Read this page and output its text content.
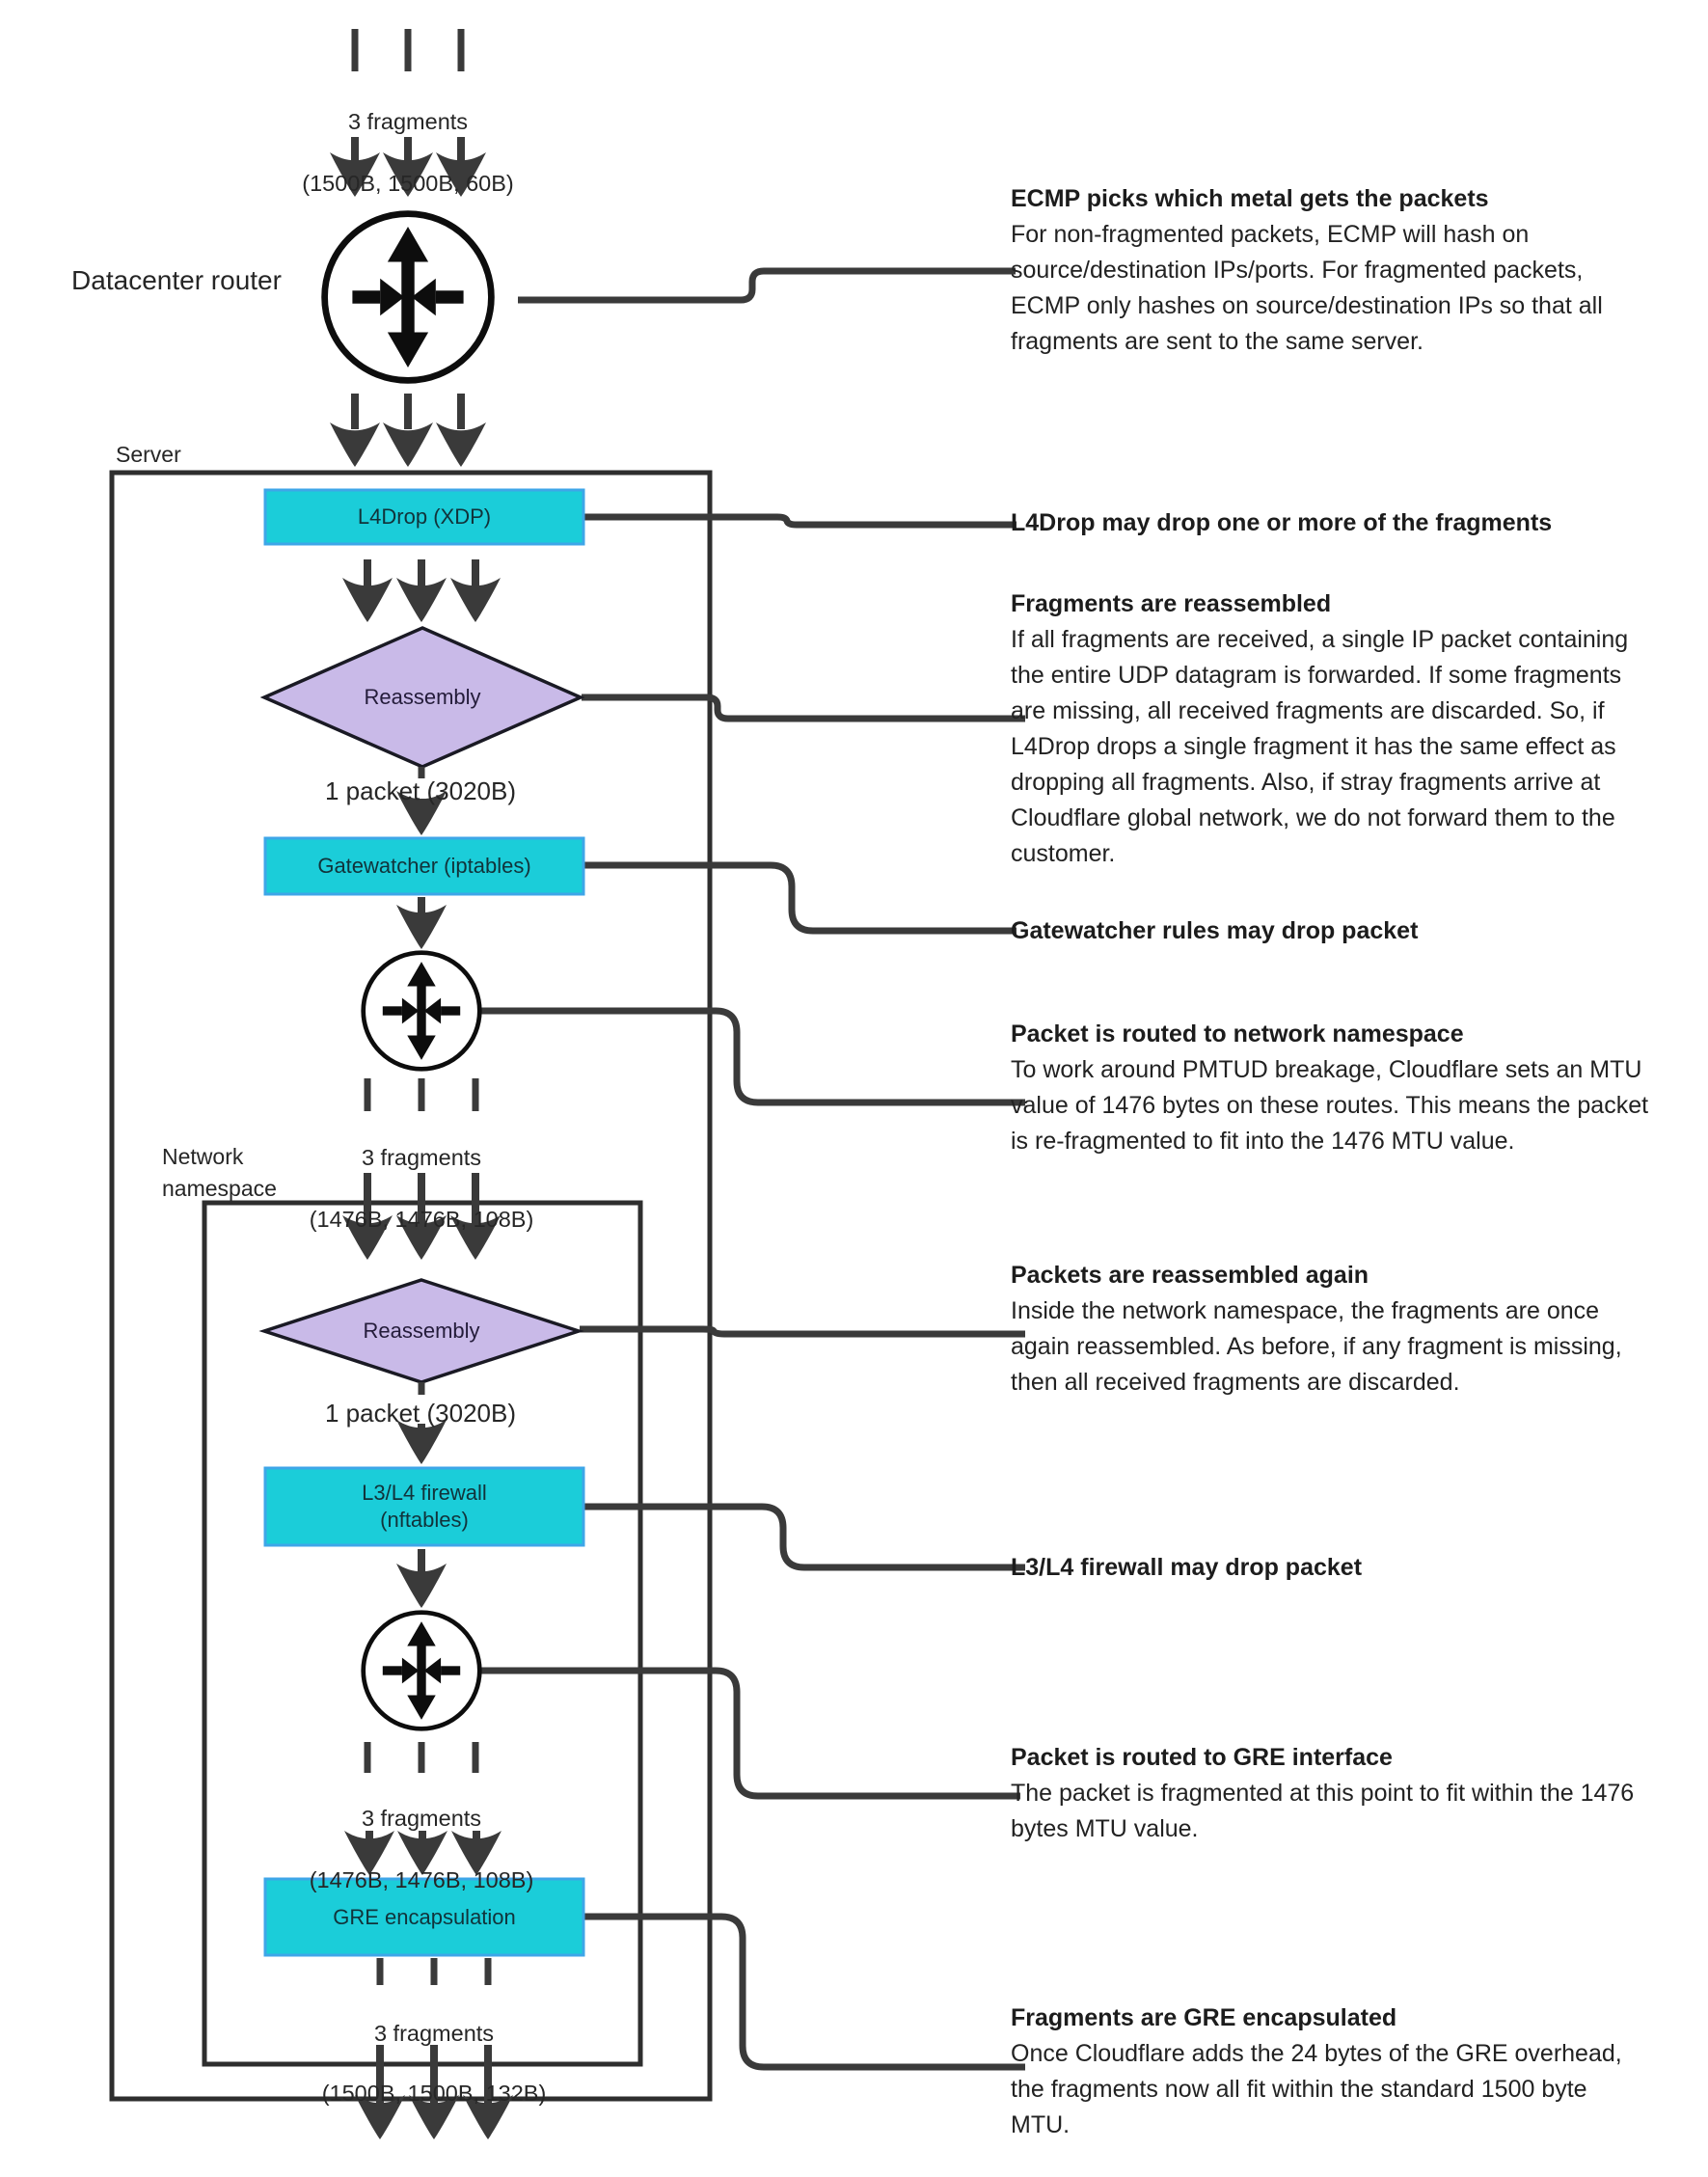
3 fragments

(1500B, 1500B, 60B)

Datacenter router
Server
L4Drop (XDP)
Reassembly
1 packet (3020B)
Gatewatcher (iptables)

3 fragments

(1476B, 1476B, 108B)

Network namespace
Reassembly
1 packet (3020B)
L3/L4 firewall
(nftables)

3 fragments

(1476B, 1476B, 108B)

GRE encapsulation

3 fragments

(1500B, 1500B, 132B)

ECMP picks which metal gets the packets
For non-fragmented packets, ECMP will hash on source/destination IPs/ports. For fragmented packets, ECMP only hashes on source/destination IPs so that all fragments are sent to the same server.
L4Drop may drop one or more of the fragments
Fragments are reassembled
If all fragments are received, a single IP packet containing the entire UDP datagram is forwarded. If some fragments are missing, all received fragments are discarded. So, if L4Drop drops a single fragment it has the same effect as dropping all fragments. Also, if stray fragments arrive at Cloudflare global network, we do not forward them to the customer.
Gatewatcher rules may drop packet
Packet is routed to network namespace
To work around PMTUD breakage, Cloudflare sets an MTU value of 1476 bytes on these routes. This means the packet is re-fragmented to fit into the 1476 MTU value.
Packets are reassembled again
Inside the network namespace, the fragments are once again reassembled. As before, if any fragment is missing, then all received fragments are discarded.
L3/L4 firewall may drop packet
Packet is routed to GRE interface
The packet is fragmented at this point to fit within the 1476 bytes MTU value.
Fragments are GRE encapsulated
Once Cloudflare adds the 24 bytes of the GRE overhead, the fragments now all fit within the standard 1500 byte MTU.
